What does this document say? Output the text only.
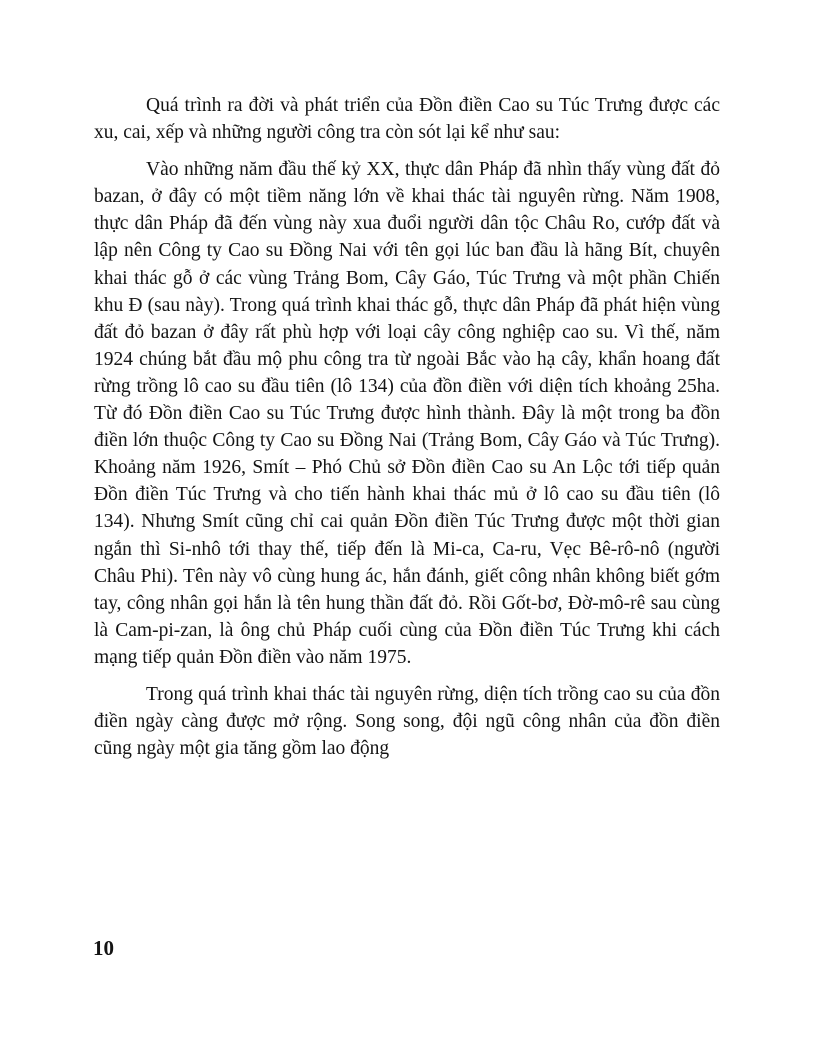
Quá trình ra đời và phát triển của Đồn điền Cao su Túc Trưng được các xu, cai, xếp và những người công tra còn sót lại kể như sau:

Vào những năm đầu thế kỷ XX, thực dân Pháp đã nhìn thấy vùng đất đỏ bazan, ở đây có một tiềm năng lớn về khai thác tài nguyên rừng. Năm 1908, thực dân Pháp đã đến vùng này xua đuổi người dân tộc Châu Ro, cướp đất và lập nên Công ty Cao su Đồng Nai với tên gọi lúc ban đầu là hãng Bít, chuyên khai thác gỗ ở các vùng Trảng Bom, Cây Gáo, Túc Trưng và một phần Chiến khu Đ (sau này). Trong quá trình khai thác gỗ, thực dân Pháp đã phát hiện vùng đất đỏ bazan ở đây rất phù hợp với loại cây công nghiệp cao su. Vì thế, năm 1924 chúng bắt đầu mộ phu công tra từ ngoài Bắc vào hạ cây, khẩn hoang đất rừng trồng lô cao su đầu tiên (lô 134) của đồn điền với diện tích khoảng 25ha. Từ đó Đồn điền Cao su Túc Trưng được hình thành. Đây là một trong ba đồn điền lớn thuộc Công ty Cao su Đồng Nai (Trảng Bom, Cây Gáo và Túc Trưng). Khoảng năm 1926, Smít – Phó Chủ sở Đồn điền Cao su An Lộc tới tiếp quản Đồn điền Túc Trưng và cho tiến hành khai thác mủ ở lô cao su đầu tiên (lô 134). Nhưng Smít cũng chỉ cai quản Đồn điền Túc Trưng được một thời gian ngắn thì Si-nhô tới thay thế, tiếp đến là Mi-ca, Ca-ru, Vẹc Bê-rô-nô (người Châu Phi). Tên này vô cùng hung ác, hắn đánh, giết công nhân không biết gớm tay, công nhân gọi hắn là tên hung thần đất đỏ. Rồi Gốt-bơ, Đờ-mô-rê sau cùng là Cam-pi-zan, là ông chủ Pháp cuối cùng của Đồn điền Túc Trưng khi cách mạng tiếp quản Đồn điền vào năm 1975.

Trong quá trình khai thác tài nguyên rừng, diện tích trồng cao su của đồn điền ngày càng được mở rộng. Song song, đội ngũ công nhân của đồn điền cũng ngày một gia tăng gồm lao động

10
